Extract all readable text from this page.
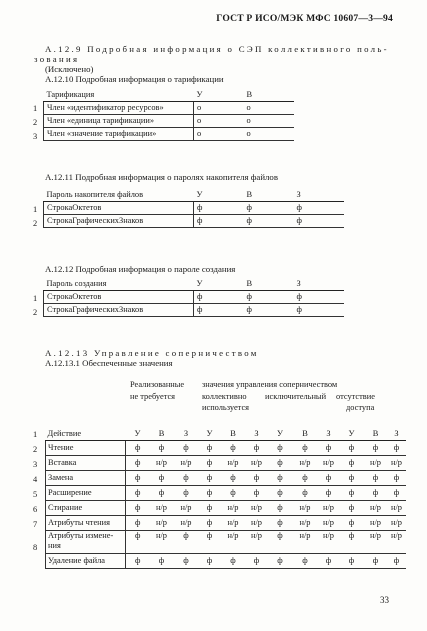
ГОСТ Р ИСО/МЭК МФС 10607—3—94
A.12.9 Подробная информация о СЭП коллективного поль-
зования
(Исключено)
A.12.10 Подробная информация о тарификации
Тарификация	У	В
Член «идентификатор ресурсов»	о	о
Член «единица тарификации»	о	о
Член «значение тарификации»	о	о
1
2
3
A.12.11 Подробная информация о паролях накопителя файлов
Пароль накопителя файлов	У	В	З
СтрокаОктетов	ф	ф	ф
СтрокаГрафическихЗнаков	ф	ф	ф
1
2
A.12.12 Подробная информация о пароле создания
Пароль создания	У	В	З
СтрокаОктетов	ф	ф	ф
СтрокаГрафическихЗнаков	ф	ф	ф
1
2
A.12.13 Управление соперничеством
A.12.13.1 Обеспеченные значения
Реализованные
не требуется
значения управления соперничеством
коллективно
используется
исключительный отсутствие
доступа
Действие	У	В	З	У	В	З	У	В	З	У	В	З
Чтение	ф	ф	ф	ф	ф	ф	ф	ф	ф	ф	ф	ф
Вставка	ф	н/р	н/р	ф	н/р	н/р	ф	н/р	н/р	ф	н/р	н/р
Замена	ф	ф	ф	ф	ф	ф	ф	ф	ф	ф	ф	ф
Расширение	ф	ф	ф	ф	ф	ф	ф	ф	ф	ф	ф	ф
Стирание	ф	н/р	н/р	ф	н/р	н/р	ф	н/р	н/р	ф	н/р	н/р
Атрибуты чтения	ф	н/р	н/р	ф	н/р	н/р	ф	н/р	н/р	ф	н/р	н/р
Атрибуты измене-
ния	ф	н/р	ф	ф	н/р	н/р	ф	н/р	н/р	ф	н/р	н/р
Удаление файла	ф	ф	ф	ф	ф	ф	ф	ф	ф	ф	ф	ф
1
2
3
4
5
6
7
8
33
